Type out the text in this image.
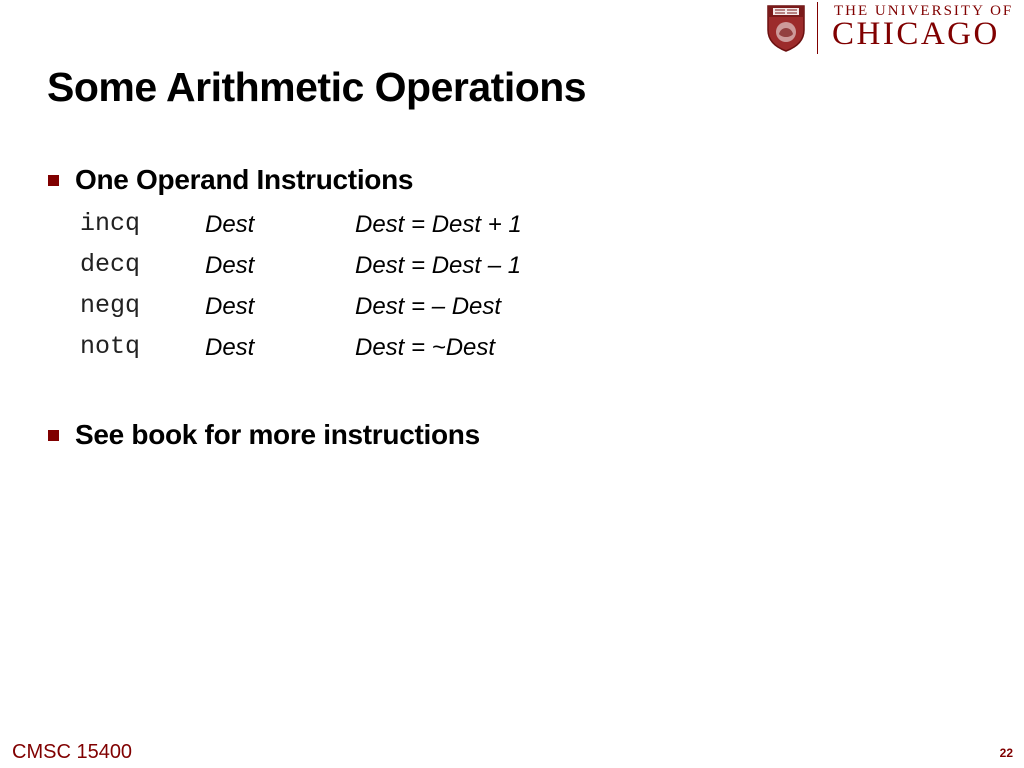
THE UNIVERSITY OF
CHICAGO
Some Arithmetic Operations
One Operand Instructions
incq	Dest	Dest = Dest + 1
decq	Dest	Dest = Dest – 1
negq	Dest	Dest = – Dest
notq	Dest	Dest = ~Dest
See book for more instructions
CMSC 15400	22
